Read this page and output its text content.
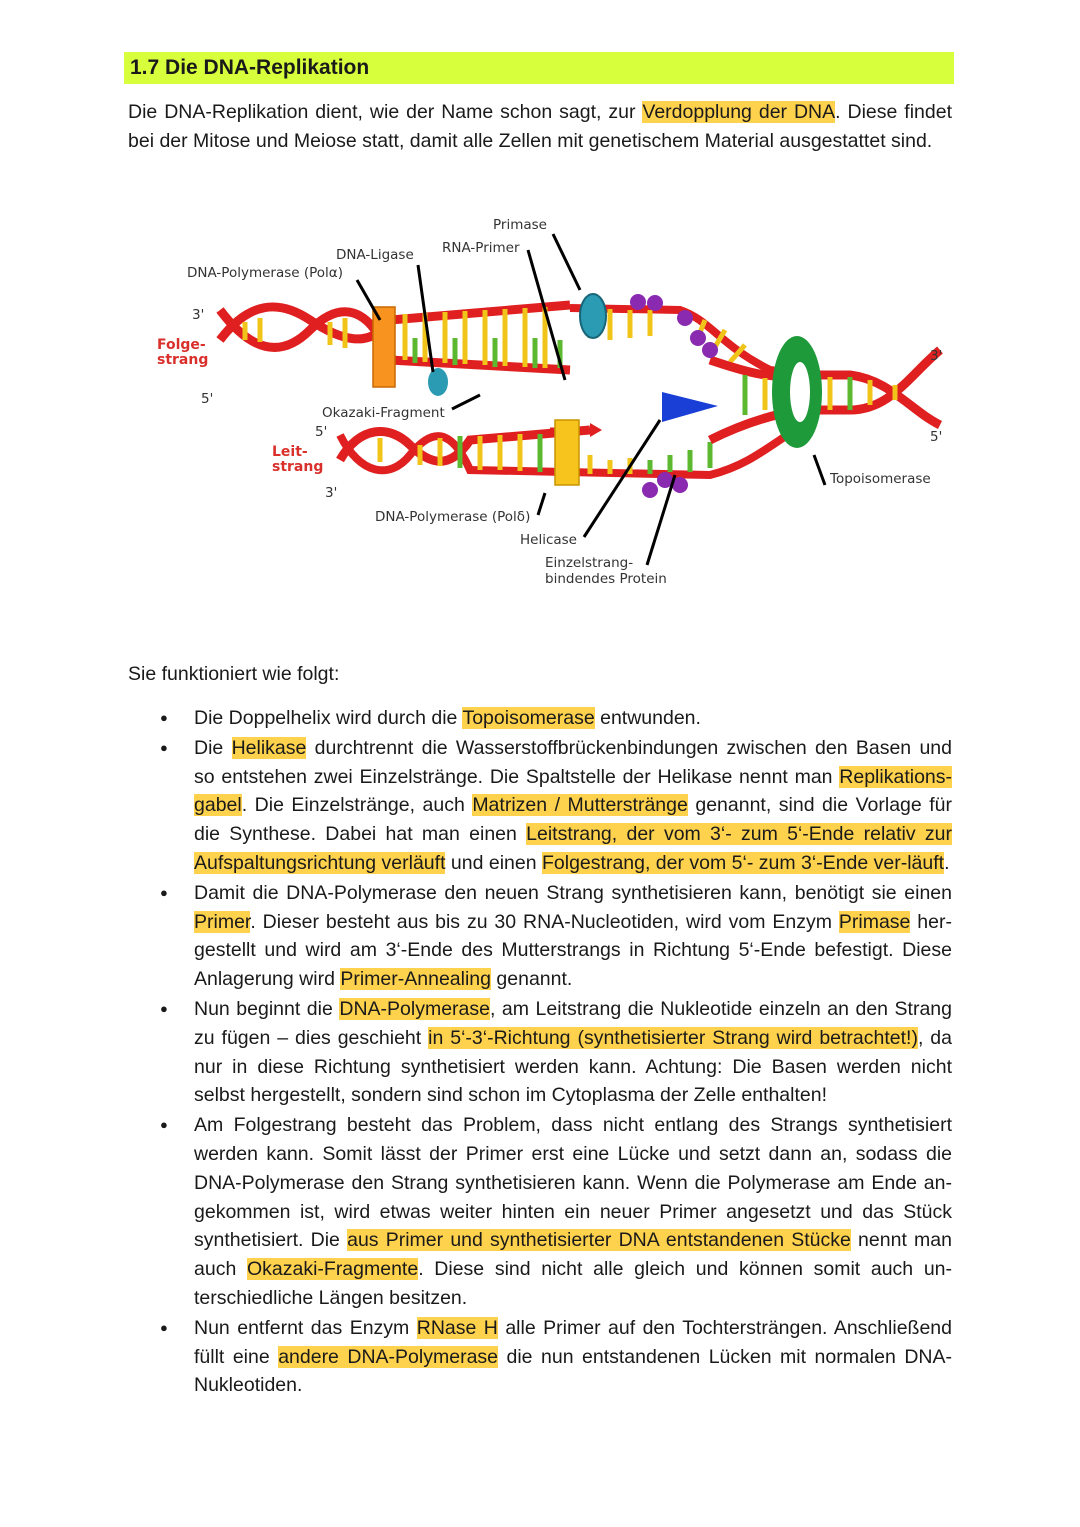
1.7 Die DNA-Replikation

Die DNA-Replikation dient, wie der Name schon sagt, zur Verdopplung der DNA. Diese findet bei der Mitose und Meiose statt, damit alle Zellen mit genetischem Material ausgestattet sind.

Primase
RNA-Primer
DNA-Ligase
DNA-Polymerase (Polα)
3'
Folge-
strang
5'
Okazaki-Fragment
5'
Leit-
strang
3'
DNA-Polymerase (Polδ)
Helicase
Einzelstrang-
bindendes Protein
Topoisomerase
3'
5'

Sie funktioniert wie folgt:

● Die Doppelhelix wird durch die Topoisomerase entwunden.
● Die Helikase durchtrennt die Wasserstoffbrückenbindungen zwischen den Basen und so entstehen zwei Einzelstränge. Die Spaltstelle der Helikase nennt man Replikations-gabel. Die Einzelstränge, auch Matrizen / Mutterstränge genannt, sind die Vorlage für die Synthese. Dabei hat man einen Leitstrang, der vom 3‘- zum 5‘-Ende relativ zur Aufspaltungsrichtung verläuft und einen Folgestrang, der vom 5‘- zum 3‘-Ende ver-läuft.
● Damit die DNA-Polymerase den neuen Strang synthetisieren kann, benötigt sie einen Primer. Dieser besteht aus bis zu 30 RNA-Nucleotiden, wird vom Enzym Primase her-gestellt und wird am 3‘-Ende des Mutterstrangs in Richtung 5‘-Ende befestigt. Diese Anlagerung wird Primer-Annealing genannt.
● Nun beginnt die DNA-Polymerase, am Leitstrang die Nukleotide einzeln an den Strang zu fügen – dies geschieht in 5‘-3‘-Richtung (synthetisierter Strang wird betrachtet!), da nur in diese Richtung synthetisiert werden kann. Achtung: Die Basen werden nicht selbst hergestellt, sondern sind schon im Cytoplasma der Zelle enthalten!
● Am Folgestrang besteht das Problem, dass nicht entlang des Strangs synthetisiert werden kann. Somit lässt der Primer erst eine Lücke und setzt dann an, sodass die DNA-Polymerase den Strang synthetisieren kann. Wenn die Polymerase am Ende an-gekommen ist, wird etwas weiter hinten ein neuer Primer angesetzt und das Stück synthetisiert. Die aus Primer und synthetisierter DNA entstandenen Stücke nennt man auch Okazaki-Fragmente. Diese sind nicht alle gleich und können somit auch un-terschiedliche Längen besitzen.
● Nun entfernt das Enzym RNase H alle Primer auf den Tochtersträngen. Anschließend füllt eine andere DNA-Polymerase die nun entstandenen Lücken mit normalen DNA-Nukleotiden.
